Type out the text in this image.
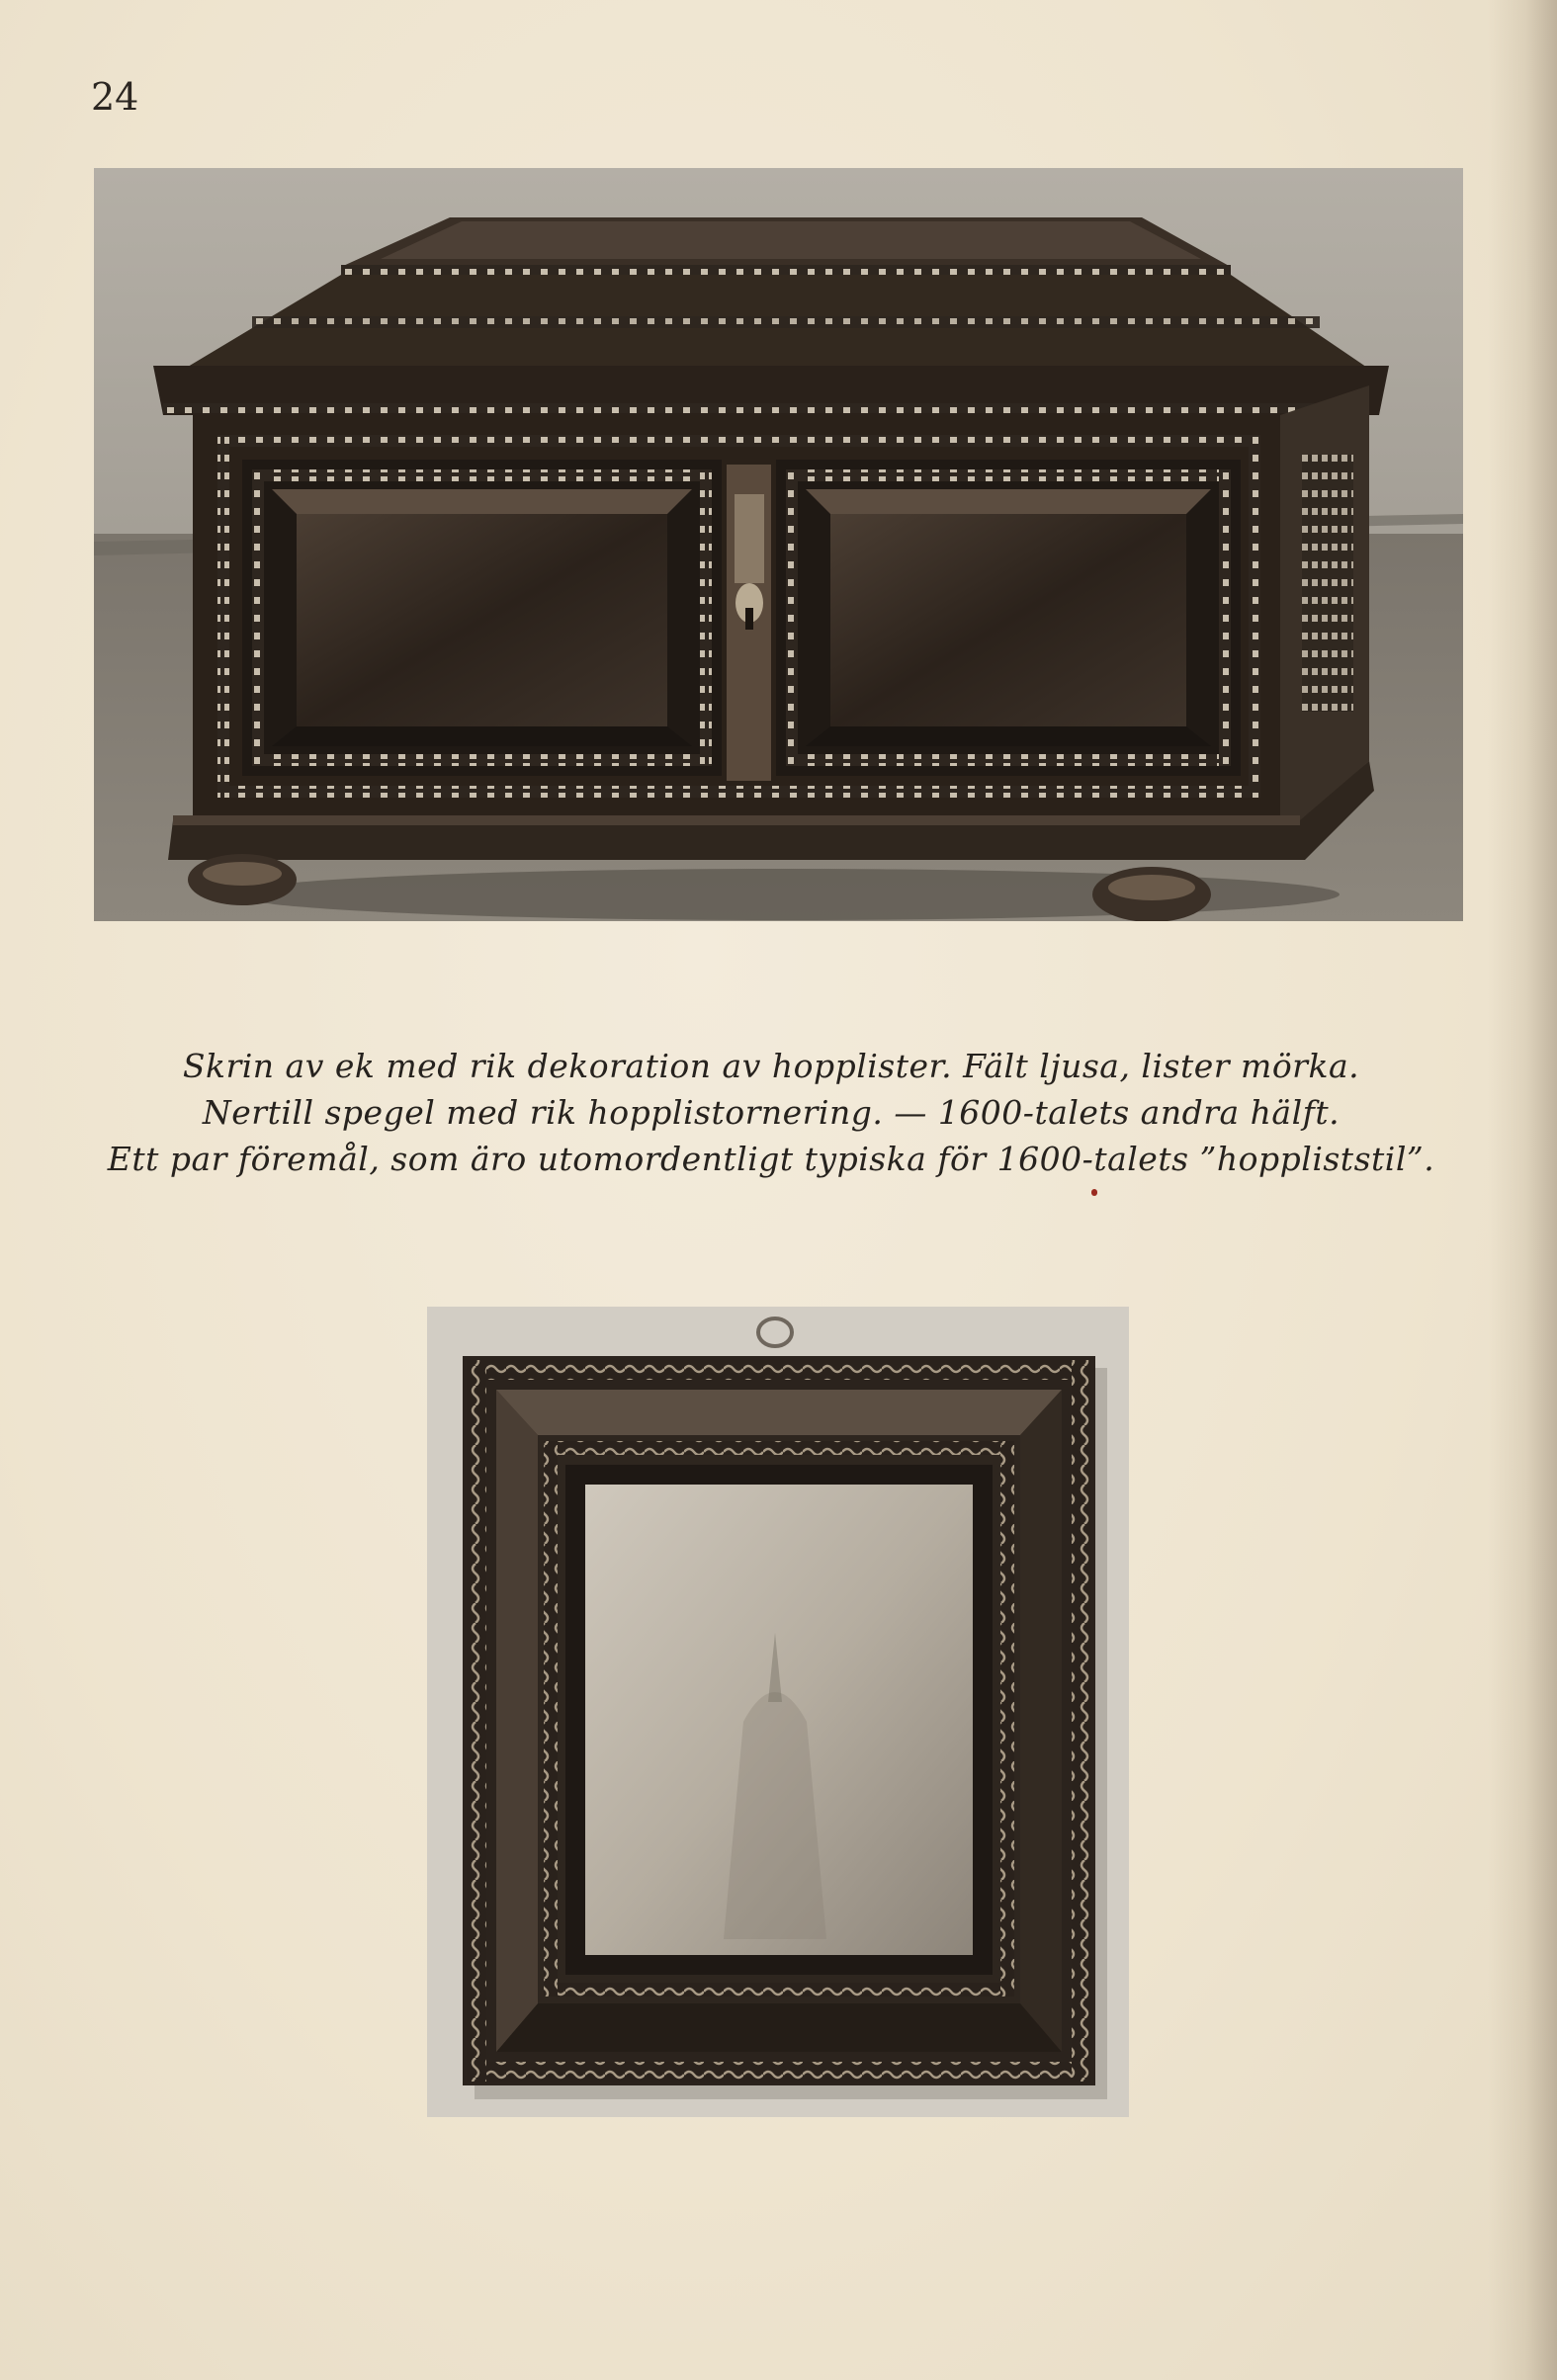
24
Skrin av ek med rik dekoration av hopplister. Fält ljusa, lister mörka.
Nertill spegel med rik hopplistornering. — 1600-talets andra hälft.
Ett par föremål, som äro utomordentligt typiska för 1600-talets ”hoppliststil”.
